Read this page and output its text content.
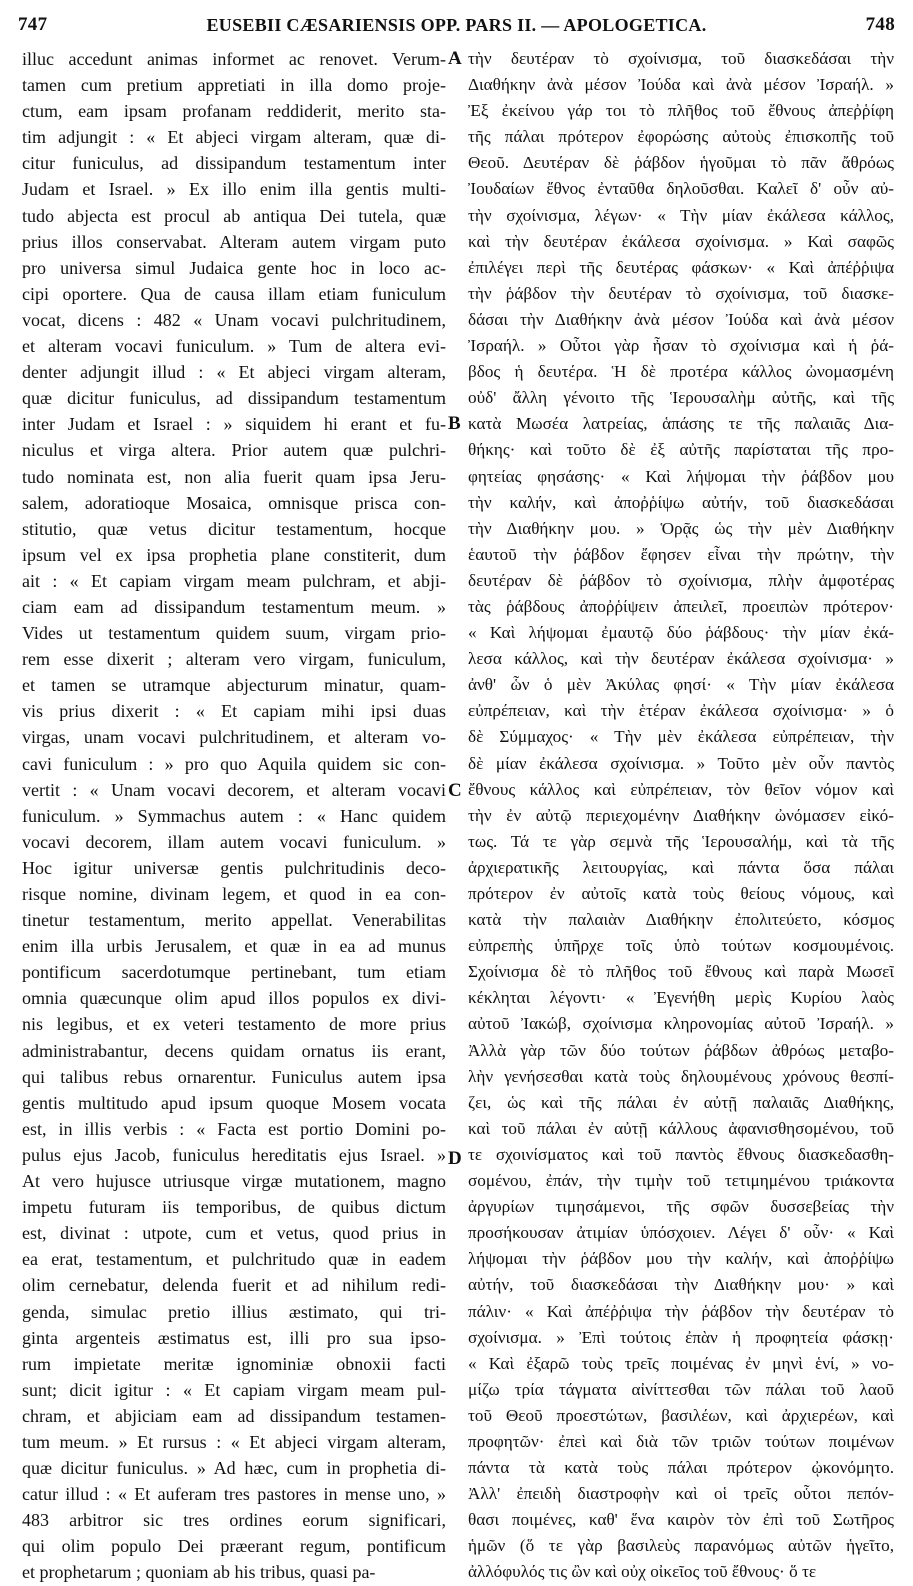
747	EUSEBII CÆSARIENSIS OPP. PARS II. — APOLOGETICA.	748
illuc accedunt animas informet ac renovet. Verum-
tamen cum pretium appretiati in illa domo proje-
ctum, eam ipsam profanam reddiderit, merito sta-
tim adjungit : « Et abjeci virgam alteram, quæ di-
citur funiculus, ad dissipandum testamentum inter
Judam et Israel. » Ex illo enim illa gentis multi-
tudo abjecta est procul ab antiqua Dei tutela, quæ
prius illos conservabat. Alteram autem virgam puto
pro universa simul Judaica gente hoc in loco ac-
cipi oportere. Qua de causa illam etiam funiculum
vocat, dicens : 482 « Unam vocavi pulchritudinem,
et alteram vocavi funiculum. » Tum de altera evi-
denter adjungit illud : « Et abjeci virgam alteram,
quæ dicitur funiculus, ad dissipandum testamentum
inter Judam et Israel : » siquidem hi erant et fu-
niculus et virga altera. Prior autem quæ pulchri-
tudo nominata est, non alia fuerit quam ipsa Jeru-
salem, adoratioque Mosaica, omnisque prisca con-
stitutio, quæ vetus dicitur testamentum, hocque
ipsum vel ex ipsa prophetia plane constiterit, dum
ait : « Et capiam virgam meam pulchram, et abji-
ciam eam ad dissipandum testamentum meum. »
Vides ut testamentum quidem suum, virgam prio-
rem esse dixerit ; alteram vero virgam, funiculum,
et tamen se utramque abjecturum minatur, quam-
vis prius dixerit : « Et capiam mihi ipsi duas
virgas, unam vocavi pulchritudinem, et alteram vo-
cavi funiculum : » pro quo Aquila quidem sic con-
vertit : « Unam vocavi decorem, et alteram vocavi
funiculum. » Symmachus autem : « Hanc quidem
vocavi decorem, illam autem vocavi funiculum. »
Hoc igitur universæ gentis pulchritudinis deco-
risque nomine, divinam legem, et quod in ea con-
tinetur testamentum, merito appellat. Venerabilitas
enim illa urbis Jerusalem, et quæ in ea ad munus
pontificum sacerdotumque pertinebant, tum etiam
omnia quæcunque olim apud illos populos ex divi-
nis legibus, et ex veteri testamento de more prius
administrabantur, decens quidam ornatus iis erant,
qui talibus rebus ornarentur. Funiculus autem ipsa
gentis multitudo apud ipsum quoque Mosem vocata
est, in illis verbis : « Facta est portio Domini po-
pulus ejus Jacob, funiculus hereditatis ejus Israel. »
At vero hujusce utriusque virgæ mutationem, magno
impetu futuram iis temporibus, de quibus dictum
est, divinat : utpote, cum et vetus, quod prius in
ea erat, testamentum, et pulchritudo quæ in eadem
olim cernebatur, delenda fuerit et ad nihilum redi-
genda, simulac pretio illius æstimato, qui tri-
ginta argenteis æstimatus est, illi pro sua ipso-
rum impietate meritæ ignominiæ obnoxii facti
sunt; dicit igitur : « Et capiam virgam meam pul-
chram, et abjiciam eam ad dissipandum testamen-
tum meum. » Et rursus : « Et abjeci virgam alteram,
quæ dicitur funiculus. » Ad hæc, cum in prophetia di-
catur illud : « Et auferam tres pastores in mense uno, »
483 arbitror sic tres ordines eorum significari,
qui olim populo Dei præerant regum, pontificum
et prophetarum ; quoniam ab his tribus, quasi pa-
τὴν δευτέραν τὸ σχοίνισμα, τοῦ διασκεδάσαι τὴν
Διαθήκην ἀνὰ μέσον Ἰούδα καὶ ἀνὰ μέσον Ἰσραήλ. »
Ἐξ ἐκείνου γάρ τοι τὸ πλῆθος τοῦ ἔθνους ἀπεῤῥίφη
τῆς πάλαι πρότερον ἐφορώσης αὐτοὺς ἐπισκοπῆς τοῦ
Θεοῦ. Δευτέραν δὲ ῥάβδον ἡγοῦμαι τὸ πᾶν ἄθρόως
Ἰουδαίων ἔθνος ἐνταῦθα δηλοῦσθαι. Καλεῖ δ' οὖν αὐ-
τὴν σχοίνισμα, λέγων· « Τὴν μίαν ἐκάλεσα κάλλος,
καὶ τὴν δευτέραν ἐκάλεσα σχοίνισμα. » Καὶ σαφῶς
ἐπιλέγει περὶ τῆς δευτέρας φάσκων· « Καὶ ἀπέῤῥιψα
τὴν ῥάβδον τὴν δευτέραν τὸ σχοίνισμα, τοῦ διασκε-
δάσαι τὴν Διαθήκην ἀνὰ μέσον Ἰούδα καὶ ἀνὰ μέσον
Ἰσραήλ. » Οὗτοι γὰρ ἦσαν τὸ σχοίνισμα καὶ ἡ ῥά-
βδος ἡ δευτέρα. Ἡ δὲ προτέρα κάλλος ὠνομασμένη
οὐδ' ἄλλη γένοιτο τῆς Ἱερουσαλὴμ αὐτῆς, καὶ τῆς
κατὰ Μωσέα λατρείας, ἁπάσης τε τῆς παλαιᾶς Δια-
θήκης· καὶ τοῦτο δὲ ἐξ αὐτῆς παρίσταται τῆς προ-
φητείας φησάσης· « Καὶ λήψομαι τὴν ῥάβδον μου
τὴν καλήν, καὶ ἀποῤῥίψω αὐτήν, τοῦ διασκεδάσαι
τὴν Διαθήκην μου. » Ὁρᾷς ὡς τὴν μὲν Διαθήκην
ἑαυτοῦ τὴν ῥάβδον ἔφησεν εἶναι τὴν πρώτην, τὴν
δευτέραν δὲ ῥάβδον τὸ σχοίνισμα, πλὴν ἀμφοτέρας
τὰς ῥάβδους ἀποῤῥίψειν ἀπειλεῖ, προειπὼν πρότερον·
« Καὶ λήψομαι ἐμαυτῷ δύο ῥάβδους· τὴν μίαν ἐκά-
λεσα κάλλος, καὶ τὴν δευτέραν ἐκάλεσα σχοίνισμα· »
ἀνθ' ὧν ὁ μὲν Ἀκύλας φησί· « Τὴν μίαν ἐκάλεσα
εὐπρέπειαν, καὶ τὴν ἑτέραν ἐκάλεσα σχοίνισμα· » ὁ
δὲ Σύμμαχος· « Τὴν μὲν ἐκάλεσα εὐπρέπειαν, τὴν
δὲ μίαν ἐκάλεσα σχοίνισμα. » Τοῦτο μὲν οὖν παντὸς
ἔθνους κάλλος καὶ εὐπρέπειαν, τὸν θεῖον νόμον καὶ
τὴν ἐν αὐτῷ περιεχομένην Διαθήκην ὠνόμασεν εἰκό-
τως. Τά τε γὰρ σεμνὰ τῆς Ἱερουσαλήμ, καὶ τὰ τῆς
ἀρχιερατικῆς λειτουργίας, καὶ πάντα ὅσα πάλαι
πρότερον ἐν αὐτοῖς κατὰ τοὺς θείους νόμους, καὶ
κατὰ τὴν παλαιὰν Διαθήκην ἐπολιτεύετο, κόσμος
εὐπρεπὴς ὑπῆρχε τοῖς ὑπὸ τούτων κοσμουμένοις.
Σχοίνισμα δὲ τὸ πλῆθος τοῦ ἔθνους καὶ παρὰ Μωσεῖ
κέκληται λέγοντι· « Ἐγενήθη μερὶς Κυρίου λαὸς
αὐτοῦ Ἰακώβ, σχοίνισμα κληρονομίας αὐτοῦ Ἰσραήλ. »
Ἀλλὰ γὰρ τῶν δύο τούτων ῥάβδων ἀθρόως μεταβο-
λὴν γενήσεσθαι κατὰ τοὺς δηλουμένους χρόνους θεσπί-
ζει, ὡς καὶ τῆς πάλαι ἐν αὐτῇ παλαιᾶς Διαθήκης,
καὶ τοῦ πάλαι ἐν αὐτῇ κάλλους ἀφανισθησομένου, τοῦ
τε σχοινίσματος καὶ τοῦ παντὸς ἔθνους διασκεδασθη-
σομένου, ἐπάν, τὴν τιμὴν τοῦ τετιμημένου τριάκοντα
ἀργυρίων τιμησάμενοι, τῆς σφῶν δυσσεβείας τὴν
προσήκουσαν ἀτιμίαν ὑπόσχοιεν. Λέγει δ' οὖν· « Καὶ
λήψομαι τὴν ῥάβδον μου τὴν καλήν, καὶ ἀποῤῥίψω
αὐτήν, τοῦ διασκεδάσαι τὴν Διαθήκην μου· » καὶ
πάλιν· « Καὶ ἀπέῤῥιψα τὴν ῥάβδον τὴν δευτέραν τὸ
σχοίνισμα. » Ἐπὶ τούτοις ἐπὰν ἡ προφητεία φάσκῃ·
« Καὶ ἐξαρῶ τοὺς τρεῖς ποιμένας ἐν μηνὶ ἑνί, » νο-
μίζω τρία τάγματα αἰνίττεσθαι τῶν πάλαι τοῦ λαοῦ
τοῦ Θεοῦ προεστώτων, βασιλέων, καὶ ἀρχιερέων, καὶ
προφητῶν· ἐπεὶ καὶ διὰ τῶν τριῶν τούτων ποιμένων
πάντα τὰ κατὰ τοὺς πάλαι πρότερον ᾠκονόμητο.
Ἀλλ' ἐπειδὴ διαστροφὴν καὶ οἱ τρεῖς οὗτοι πεπόν-
θασι ποιμένες, καθ' ἕνα καιρὸν τὸν ἐπὶ τοῦ Σωτῆρος
ἡμῶν (ὅ τε γὰρ βασιλεὺς παρανόμως αὐτῶν ἡγεῖτο,
ἀλλόφυλός τις ὢν καὶ οὐχ οἰκεῖος τοῦ ἔθνους· ὅ τε
A
B
C
D
